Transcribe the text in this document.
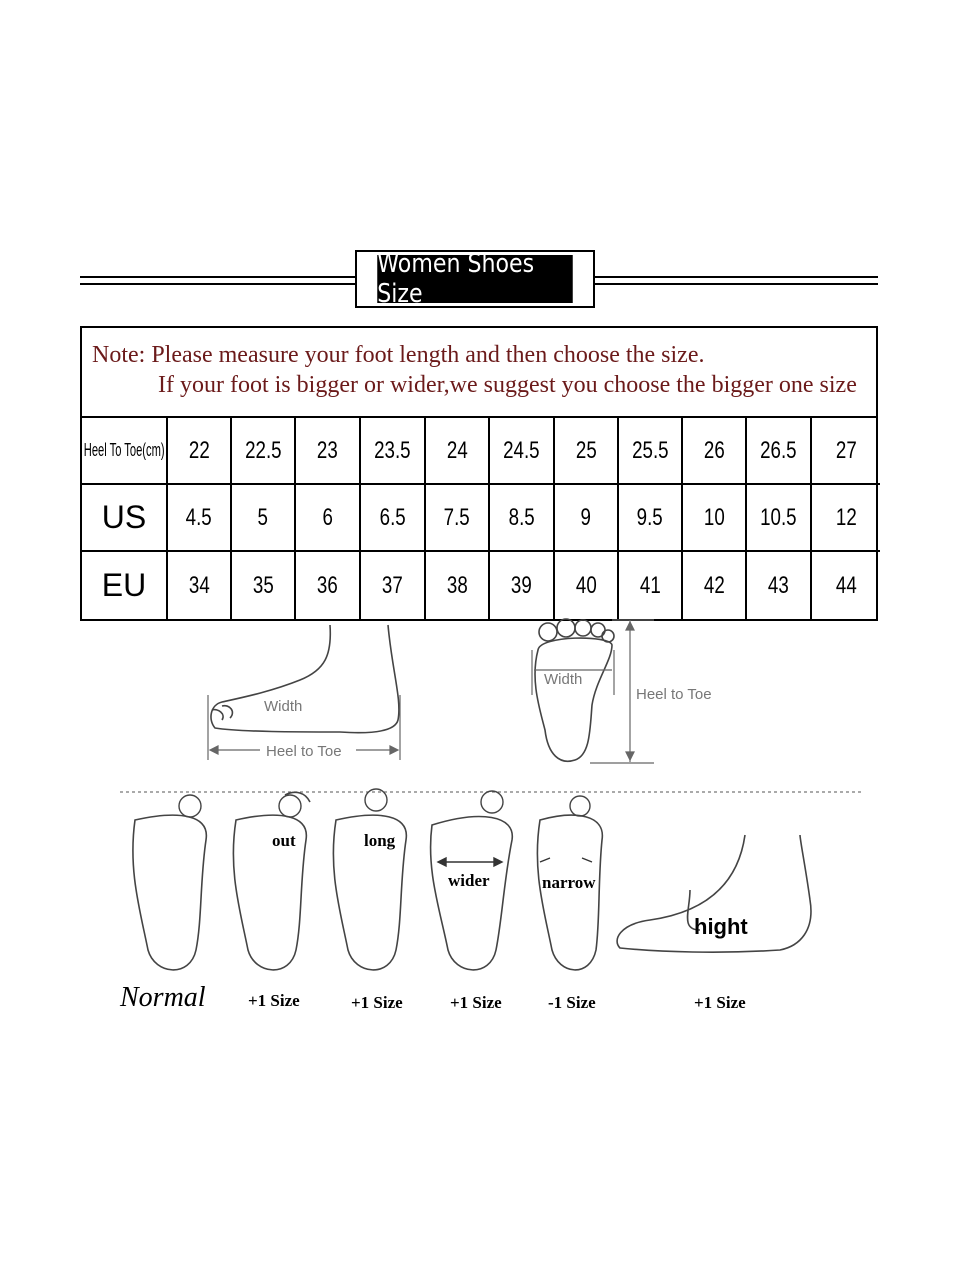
Women Shoes Size
Note: Please measure your foot length and then choose the size.
If your foot is bigger or wider,we suggest you choose the bigger one size
Heel To Toe(cm) 22 22.5 23 23.5 24 24.5 25 25.5 26 26.5 27
US 4.5 5 6 6.5 7.5 8.5 9 9.5 10 10.5 12
EU 34 35 36 37 38 39 40 41 42 43 44
Width
Heel to Toe
Width
Heel to Toe
out	long
wider	narrow
hight
Normal +1 Size	+1 Size	+1 Size	-1 Size	+1 Size
